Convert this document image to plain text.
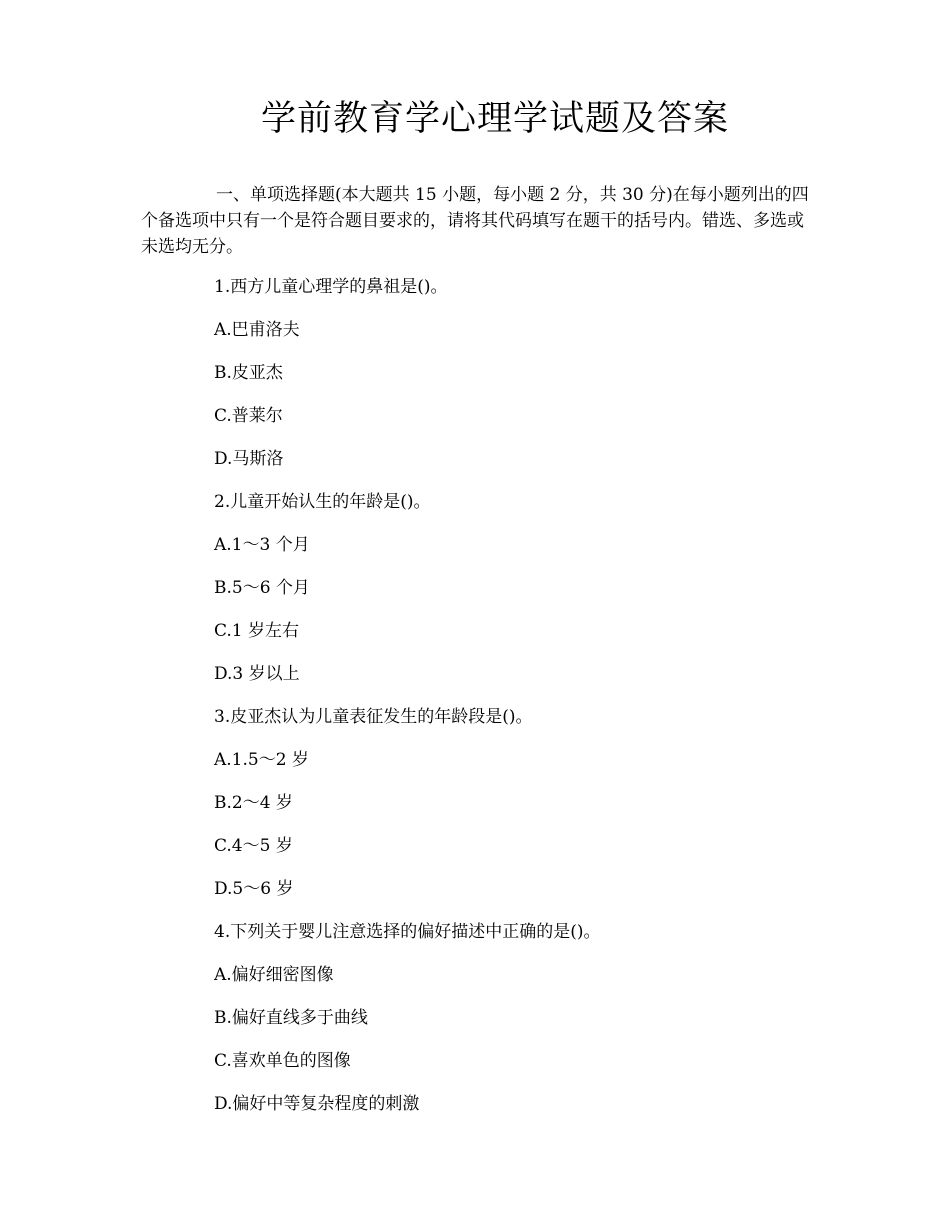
学前教育学心理学试题及答案

一、单项选择题(本大题共 15 小题，每小题 2 分，共 30 分)在每小题列出的四个备选项中只有一个是符合题目要求的，请将其代码填写在题干的括号内。错选、多选或未选均无分。

1.西方儿童心理学的鼻祖是()。
A.巴甫洛夫
B.皮亚杰
C.普莱尔
D.马斯洛
2.儿童开始认生的年龄是()。
A.1～3 个月
B.5～6 个月
C.1 岁左右
D.3 岁以上
3.皮亚杰认为儿童表征发生的年龄段是()。
A.1.5～2 岁
B.2～4 岁
C.4～5 岁
D.5～6 岁
4.下列关于婴儿注意选择的偏好描述中正确的是()。
A.偏好细密图像
B.偏好直线多于曲线
C.喜欢单色的图像
D.偏好中等复杂程度的刺激
